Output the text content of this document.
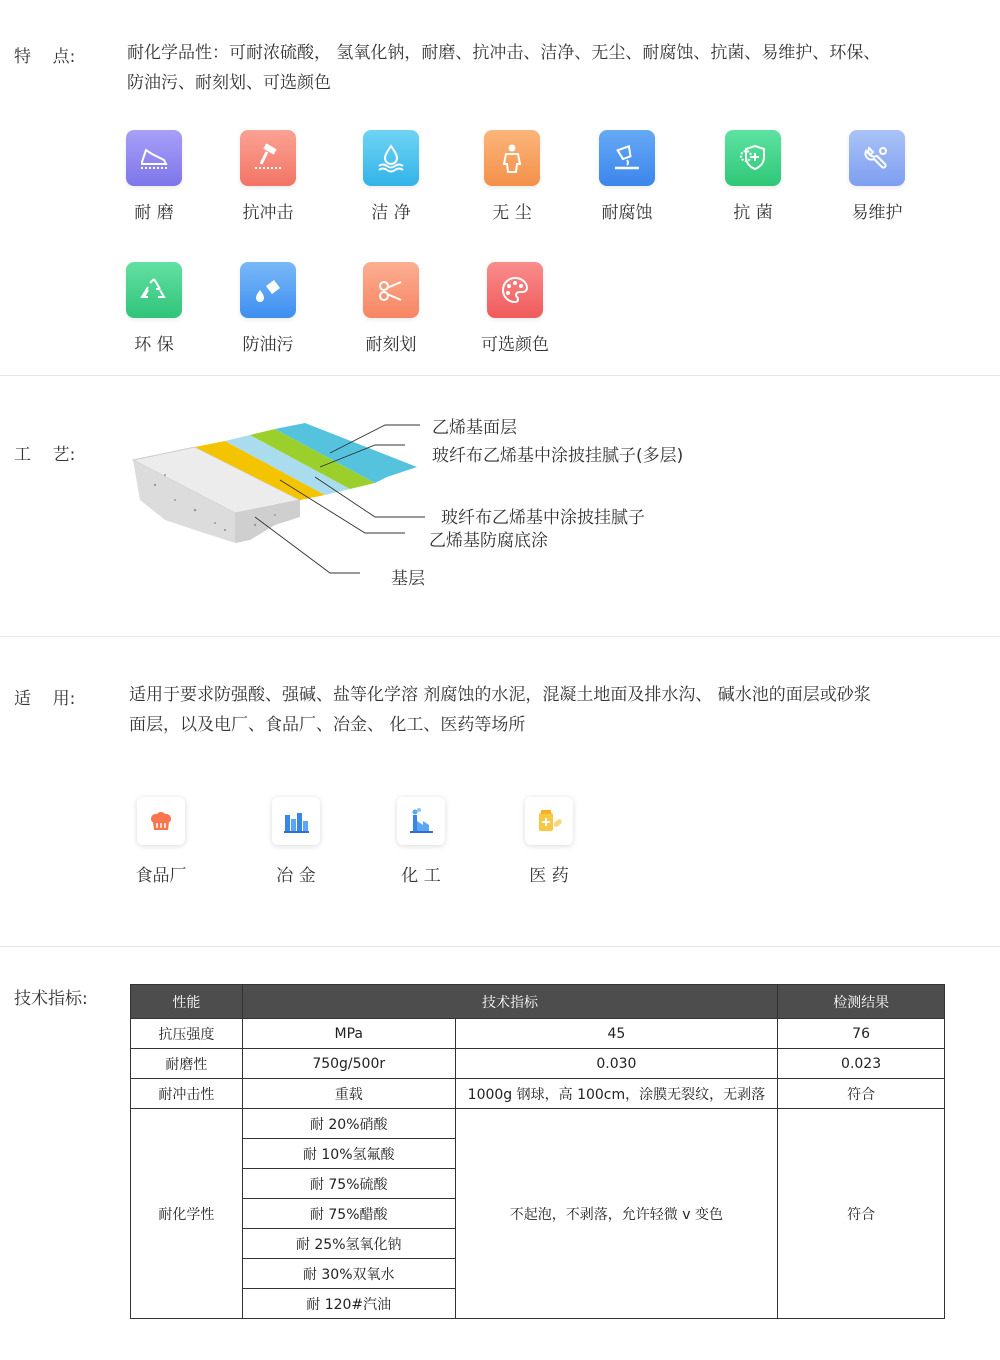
特    点:	耐化学品性：可耐浓硫酸， 氢氧化钠，耐磨、抗冲击、洁净、无尘、耐腐蚀、抗菌、易维护、环保、
防油污、耐刻划、可选颜色
耐 磨	抗冲击	洁 净	无 尘	耐腐蚀	抗 菌	易维护
环 保	防油污	耐刻划	可选颜色
工    艺:
乙烯基面层
玻纤布乙烯基中涂披挂腻子(多层)
玻纤布乙烯基中涂披挂腻子
乙烯基防腐底涂
基层
适    用:	适用于要求防强酸、强碱、盐等化学溶 剂腐蚀的水泥，混凝土地面及排水沟、 碱水池的面层或砂浆
面层，以及电厂、食品厂、冶金、 化工、医药等场所
食品厂	冶 金	化 工	医 药
技术指标:	性能	技术指标		检测结果
抗压强度	MPa	45	76
耐磨性	750g/500r	0.030	0.023
耐冲击性	重载	1000g 钢球，高 100cm，涂膜无裂纹，无剥落	符合
耐化学性	耐 20%硝酸	不起泡，不剥落，允许轻微 v 变色	符合
	耐 10%氢氟酸		
	耐 75%硫酸		
	耐 75%醋酸		
	耐 25%氢氧化钠		
	耐 30%双氧水		
	耐 120#汽油		
